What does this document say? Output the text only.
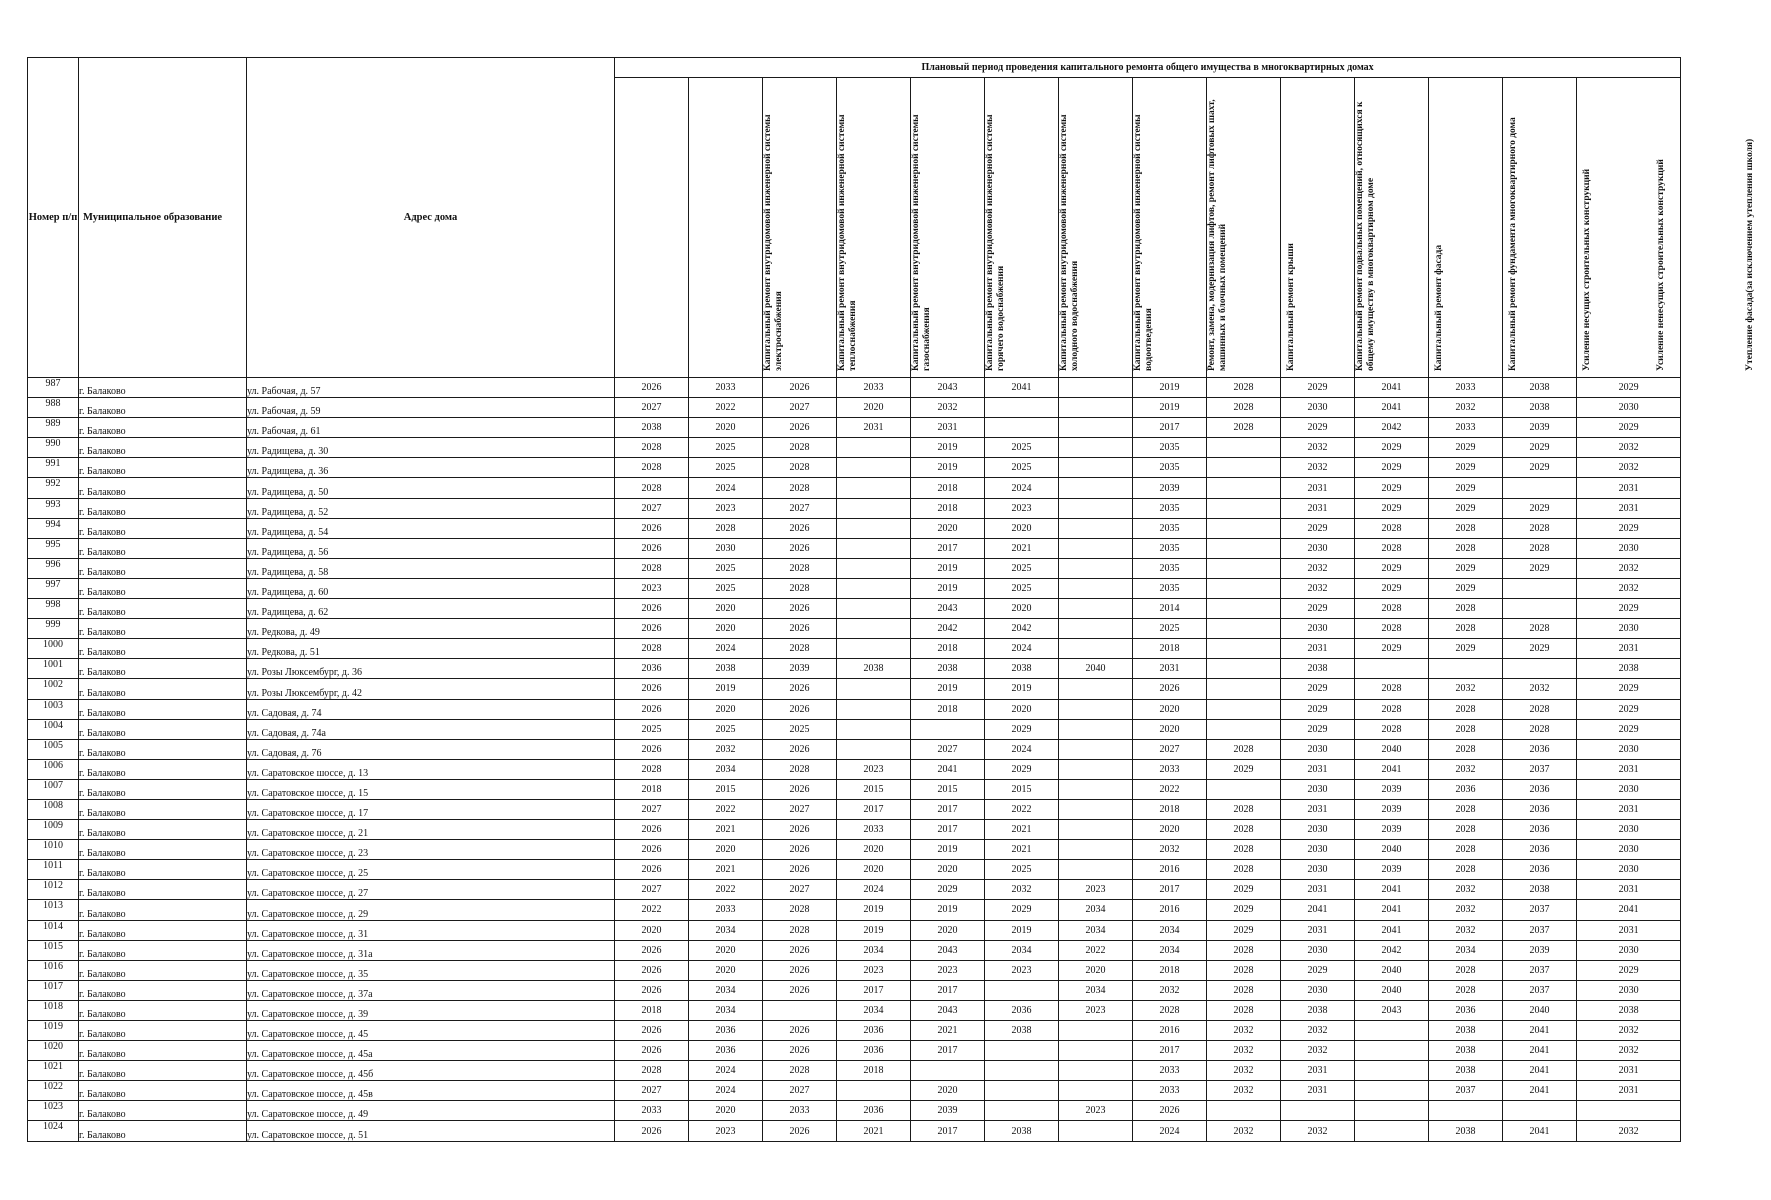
Номер п/п	Муниципальное образование	Адрес дома	Плановый период проведения капитального ремонта общего имущества в многоквартирных домах													

			Капитальный ремонт внутридомовой инженерной системы электроснабжения	Капитальный ремонт внутридомовой инженерной системы теплоснабжения	Капитальный ремонт внутридомовой инженерной системы газоснабжения	Капитальный ремонт внутридомовой инженерной системы горячего водоснабжения	Капитальный ремонт внутридомовой инженерной системы холодного водоснабжения	Капитальный ремонт внутридомовой инженерной системы водоотведения	Ремонт, замена, модернизация лифтов, ремонт лифтовых шахт, машинных и блочных помещений	Капитальный ремонт крыши	Капитальный ремонт подвальных помещений, относящихся к общему имуществу в многоквартирном доме	Капитальный ремонт фасада	Капитальный ремонт фундамента многоквартирного дома	Усиление несущих строительных конструкций	Усиление ненесущих строительных конструкций	Утепление фасада(за исключением утепления школя)

987	г. Балаково	ул. Рабочая, д. 57	2026	2033	2026	2033	2043	2041		2019	2028	2029	2041	2033	2038	2029
988	г. Балаково	ул. Рабочая, д. 59	2027	2022	2027	2020	2032			2019	2028	2030	2041	2032	2038	2030
989	г. Балаково	ул. Рабочая, д. 61	2038	2020	2026	2031	2031			2017	2028	2029	2042	2033	2039	2029
990	г. Балаково	ул. Радищева, д. 30	2028	2025	2028		2019	2025		2035		2032	2029	2029	2029	2032
991	г. Балаково	ул. Радищева, д. 36	2028	2025	2028		2019	2025		2035		2032	2029	2029	2029	2032
992	г. Балаково	ул. Радищева, д. 50	2028	2024	2028		2018	2024		2039		2031	2029	2029		2031
993	г. Балаково	ул. Радищева, д. 52	2027	2023	2027		2018	2023		2035		2031	2029	2029	2029	2031
994	г. Балаково	ул. Радищева, д. 54	2026	2028	2026		2020	2020		2035		2029	2028	2028	2028	2029
995	г. Балаково	ул. Радищева, д. 56	2026	2030	2026		2017	2021		2035		2030	2028	2028	2028	2030
996	г. Балаково	ул. Радищева, д. 58	2028	2025	2028		2019	2025		2035		2032	2029	2029	2029	2032
997	г. Балаково	ул. Радищева, д. 60	2023	2025	2028		2019	2025		2035		2032	2029	2029		2032
998	г. Балаково	ул. Радищева, д. 62	2026	2020	2026		2043	2020		2014		2029	2028	2028		2029
999	г. Балаково	ул. Редкова, д. 49	2026	2020	2026		2042	2042		2025		2030	2028	2028	2028	2030
1000	г. Балаково	ул. Редкова, д. 51	2028	2024	2028		2018	2024		2018		2031	2029	2029	2029	2031
1001	г. Балаково	ул. Розы Люксембург, д. 36	2036	2038	2039	2038	2038	2038	2040	2031		2038				2038
1002	г. Балаково	ул. Розы Люксембург, д. 42	2026	2019	2026		2019	2019		2026		2029	2028	2032	2032	2029
1003	г. Балаково	ул. Садовая, д. 74	2026	2020	2026		2018	2020		2020		2029	2028	2028	2028	2029
1004	г. Балаково	ул. Садовая, д. 74а	2025	2025	2025			2029		2020		2029	2028	2028	2028	2029
1005	г. Балаково	ул. Садовая, д. 76	2026	2032	2026		2027	2024		2027	2028	2030	2040	2028	2036	2030
1006	г. Балаково	ул. Саратовское шоссе, д. 13	2028	2034	2028	2023	2041	2029		2033	2029	2031	2041	2032	2037	2031
1007	г. Балаково	ул. Саратовское шоссе, д. 15	2018	2015	2026	2015	2015	2015		2022		2030	2039	2036	2036	2030
1008	г. Балаково	ул. Саратовское шоссе, д. 17	2027	2022	2027	2017	2017	2022		2018	2028	2031	2039	2028	2036	2031
1009	г. Балаково	ул. Саратовское шоссе, д. 21	2026	2021	2026	2033	2017	2021		2020	2028	2030	2039	2028	2036	2030
1010	г. Балаково	ул. Саратовское шоссе, д. 23	2026	2020	2026	2020	2019	2021		2032	2028	2030	2040	2028	2036	2030
1011	г. Балаково	ул. Саратовское шоссе, д. 25	2026	2021	2026	2020	2020	2025		2016	2028	2030	2039	2028	2036	2030
1012	г. Балаково	ул. Саратовское шоссе, д. 27	2027	2022	2027	2024	2029	2032	2023	2017	2029	2031	2041	2032	2038	2031
1013	г. Балаково	ул. Саратовское шоссе, д. 29	2022	2033	2028	2019	2019	2029	2034	2016	2029	2041	2041	2032	2037	2041
1014	г. Балаково	ул. Саратовское шоссе, д. 31	2020	2034	2028	2019	2020	2019	2034	2034	2029	2031	2041	2032	2037	2031
1015	г. Балаково	ул. Саратовское шоссе, д. 31а	2026	2020	2026	2034	2043	2034	2022	2034	2028	2030	2042	2034	2039	2030
1016	г. Балаково	ул. Саратовское шоссе, д. 35	2026	2020	2026	2023	2023	2023	2020	2018	2028	2029	2040	2028	2037	2029
1017	г. Балаково	ул. Саратовское шоссе, д. 37а	2026	2034	2026	2017	2017		2034	2032	2028	2030	2040	2028	2037	2030
1018	г. Балаково	ул. Саратовское шоссе, д. 39	2018	2034		2034	2043	2036	2023	2028	2028	2038	2043	2036	2040	2038
1019	г. Балаково	ул. Саратовское шоссе, д. 45	2026	2036	2026	2036	2021	2038		2016	2032	2032		2038	2041	2032
1020	г. Балаково	ул. Саратовское шоссе, д. 45а	2026	2036	2026	2036	2017			2017	2032	2032		2038	2041	2032
1021	г. Балаково	ул. Саратовское шоссе, д. 45б	2028	2024	2028	2018				2033	2032	2031		2038	2041	2031
1022	г. Балаково	ул. Саратовское шоссе, д. 45в	2027	2024	2027		2020			2033	2032	2031		2037	2041	2031
1023	г. Балаково	ул. Саратовское шоссе, д. 49	2033	2020	2033	2036	2039		2023	2026						
1024	г. Балаково	ул. Саратовское шоссе, д. 51	2026	2023	2026	2021	2017	2038		2024	2032	2032		2038	2041	2032
